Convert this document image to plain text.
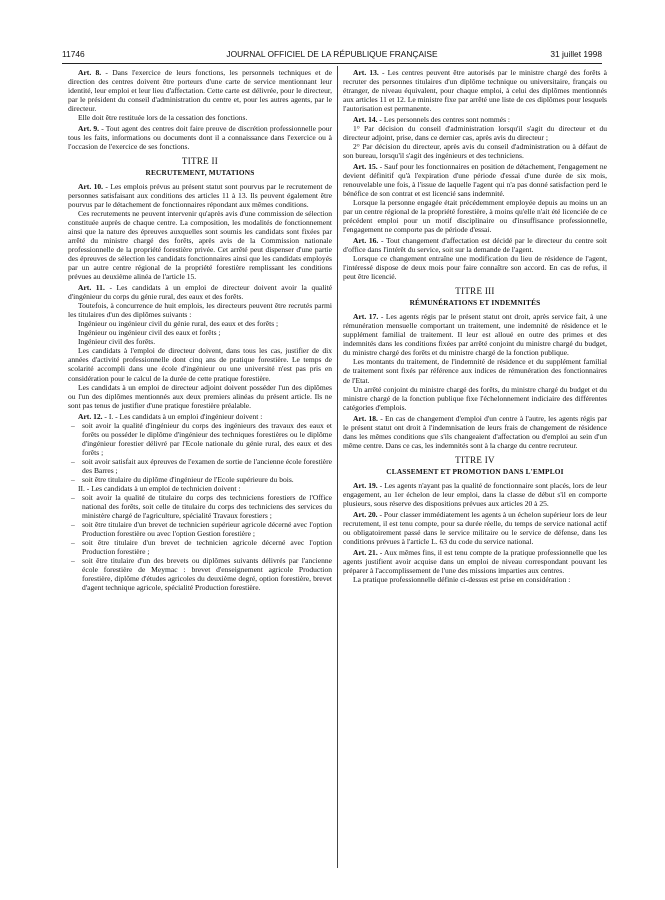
11746	JOURNAL OFFICIEL DE LA RÉPUBLIQUE FRANÇAISE	31 juillet 1998

Art. 8. - Dans l'exercice de leurs fonctions, les personnels techniques et de direction des centres doivent être porteurs d'une carte de service mentionnant leur identité, leur emploi et leur lieu d'affectation. Cette carte est délivrée, pour le directeur, par le président du conseil d'administration du centre et, pour les autres agents, par le directeur.

Elle doit être restituée lors de la cessation des fonctions.

Art. 9. - Tout agent des centres doit faire preuve de discrétion professionnelle pour tous les faits, informations ou documents dont il a connaissance dans l'exercice ou à l'occasion de l'exercice de ses fonctions.

TITRE II
RECRUTEMENT, MUTATIONS

Art. 10. - Les emplois prévus au présent statut sont pourvus par le recrutement de personnes satisfaisant aux conditions des articles 11 à 13. Ils peuvent également être pourvus par le détachement de fonctionnaires répondant aux mêmes conditions.

Ces recrutements ne peuvent intervenir qu'après avis d'une commission de sélection constituée auprès de chaque centre. La composition, les modalités de fonctionnement ainsi que la nature des épreuves auxquelles sont soumis les candidats sont fixées par arrêté du ministre chargé des forêts, après avis de la Commission nationale professionnelle de la propriété forestière privée. Cet arrêté peut dispenser d'une partie des épreuves de sélection les candidats fonctionnaires ainsi que les candidats employés par un autre centre régional de la propriété forestière remplissant les conditions prévues au deuxième alinéa de l'article 15.

Art. 11. - Les candidats à un emploi de directeur doivent avoir la qualité d'ingénieur du corps du génie rural, des eaux et des forêts.

Toutefois, à concurrence de huit emplois, les directeurs peuvent être recrutés parmi les titulaires d'un des diplômes suivants :

Ingénieur ou ingénieur civil du génie rural, des eaux et des forêts ;

Ingénieur ou ingénieur civil des eaux et forêts ;

Ingénieur civil des forêts.

Les candidats à l'emploi de directeur doivent, dans tous les cas, justifier de dix années d'activité professionnelle dont cinq ans de pratique forestière. Le temps de scolarité accompli dans une école d'ingénieur ou une université n'est pas pris en considération pour le calcul de la durée de cette pratique forestière.

Les candidats à un emploi de directeur adjoint doivent posséder l'un des diplômes ou l'un des diplômes mentionnés aux deux premiers alinéas du présent article. Ils ne sont pas tenus de justifier d'une pratique forestière préalable.

Art. 12. - I. - Les candidats à un emploi d'ingénieur doivent :

– soit avoir la qualité d'ingénieur du corps des ingénieurs des travaux des eaux et forêts ou posséder le diplôme d'ingénieur des techniques forestières ou le diplôme d'ingénieur forestier délivré par l'Ecole nationale du génie rural, des eaux et des forêts ;

– soit avoir satisfait aux épreuves de l'examen de sortie de l'ancienne école forestière des Barres ;

– soit être titulaire du diplôme d'ingénieur de l'Ecole supérieure du bois.

II. - Les candidats à un emploi de technicien doivent :

– soit avoir la qualité de titulaire du corps des techniciens forestiers de l'Office national des forêts, soit celle de titulaire du corps des techniciens des services du ministère chargé de l'agriculture, spécialité Travaux forestiers ;

– soit être titulaire d'un brevet de technicien supérieur agricole décerné avec l'option Production forestière ou avec l'option Gestion forestière ;

– soit être titulaire d'un brevet de technicien agricole décerné avec l'option Production forestière ;

– soit être titulaire d'un des brevets ou diplômes suivants délivrés par l'ancienne école forestière de Meymac : brevet d'enseignement agricole Production forestière, diplôme d'études agricoles du deuxième degré, option forestière, brevet d'agent technique agricole, spécialité Production forestière.

Art. 13. - Les centres peuvent être autorisés par le ministre chargé des forêts à recruter des personnes titulaires d'un diplôme technique ou universitaire, français ou étranger, de niveau équivalent, pour chaque emploi, à celui des diplômes mentionnés aux articles 11 et 12. Le ministre fixe par arrêté une liste de ces diplômes pour lesquels l'autorisation est permanente.

Art. 14. - Les personnels des centres sont nommés :

1° Par décision du conseil d'administration lorsqu'il s'agit du directeur et du directeur adjoint, prise, dans ce dernier cas, après avis du directeur ;

2° Par décision du directeur, après avis du conseil d'administration ou à défaut de son bureau, lorsqu'il s'agit des ingénieurs et des techniciens.

Art. 15. - Sauf pour les fonctionnaires en position de détachement, l'engagement ne devient définitif qu'à l'expiration d'une période d'essai d'une durée de six mois, renouvelable une fois, à l'issue de laquelle l'agent qui n'a pas donné satisfaction perd le bénéfice de son contrat et est licencié sans indemnité.

Lorsque la personne engagée était précédemment employée depuis au moins un an par un centre régional de la propriété forestière, à moins qu'elle n'ait été licenciée de ce précédent emploi pour un motif disciplinaire ou d'insuffisance professionnelle, l'engagement ne comporte pas de période d'essai.

Art. 16. - Tout changement d'affectation est décidé par le directeur du centre soit d'office dans l'intérêt du service, soit sur la demande de l'agent.

Lorsque ce changement entraîne une modification du lieu de résidence de l'agent, l'intéressé dispose de deux mois pour faire connaître son accord. En cas de refus, il peut être licencié.

TITRE III
RÉMUNÉRATIONS ET INDEMNITÉS

Art. 17. - Les agents régis par le présent statut ont droit, après service fait, à une rémunération mensuelle comportant un traitement, une indemnité de résidence et le supplément familial de traitement. Il leur est alloué en outre des primes et des indemnités dans les conditions fixées par arrêté conjoint du ministre chargé du budget, du ministre chargé des forêts et du ministre chargé de la fonction publique.

Les montants du traitement, de l'indemnité de résidence et du supplément familial de traitement sont fixés par référence aux indices de rémunération des fonctionnaires de l'Etat.

Un arrêté conjoint du ministre chargé des forêts, du ministre chargé du budget et du ministre chargé de la fonction publique fixe l'échelonnement indiciaire des différentes catégories d'emplois.

Art. 18. - En cas de changement d'emploi d'un centre à l'autre, les agents régis par le présent statut ont droit à l'indemnisation de leurs frais de changement de résidence dans les mêmes conditions que s'ils changeaient d'affectation ou d'emploi au sein d'un même centre. Dans ce cas, les indemnités sont à la charge du centre recruteur.

TITRE IV
CLASSEMENT ET PROMOTION DANS L'EMPLOI

Art. 19. - Les agents n'ayant pas la qualité de fonctionnaire sont placés, lors de leur engagement, au 1er échelon de leur emploi, dans la classe de début s'il en comporte plusieurs, sous réserve des dispositions prévues aux articles 20 à 25.

Art. 20. - Pour classer immédiatement les agents à un échelon supérieur lors de leur recrutement, il est tenu compte, pour sa durée réelle, du temps de service national actif ou obligatoirement passé dans le service militaire ou le service de défense, dans les conditions prévues à l'article L. 63 du code du service national.

Art. 21. - Aux mêmes fins, il est tenu compte de la pratique professionnelle que les agents justifient avoir acquise dans un emploi de niveau correspondant pouvant les préparer à l'accomplissement de l'une des missions imparties aux centres.

La pratique professionnelle définie ci-dessus est prise en considération :
